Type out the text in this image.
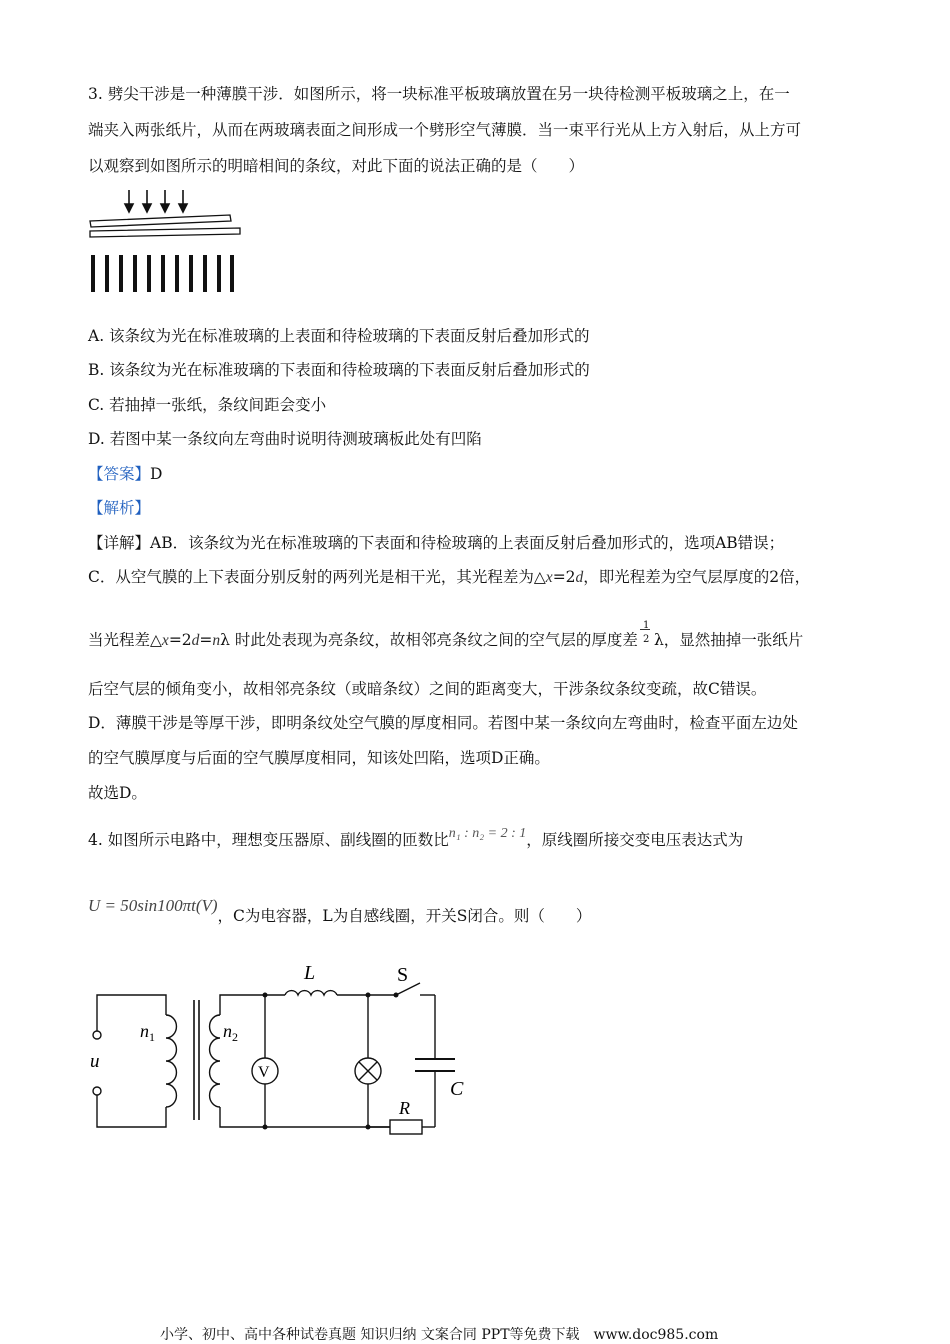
3. 劈尖干涉是一种薄膜干涉．如图所示，将一块标准平板玻璃放置在另一块待检测平板玻璃之上，在一
端夹入两张纸片，从而在两玻璃表面之间形成一个劈形空气薄膜．当一束平行光从上方入射后，从上方可
以观察到如图所示的明暗相间的条纹，对此下面的说法正确的是（　　）
A. 该条纹为光在标准玻璃的上表面和待检玻璃的下表面反射后叠加形式的
B. 该条纹为光在标准玻璃的下表面和待检玻璃的下表面反射后叠加形式的
C. 若抽掉一张纸，条纹间距会变小
D. 若图中某一条纹向左弯曲时说明待测玻璃板此处有凹陷
【答案】D
【解析】
【详解】AB．该条纹为光在标准玻璃的下表面和待检玻璃的上表面反射后叠加形式的，选项AB错误；
C．从空气膜的上下表面分别反射的两列光是相干光，其光程差为△x=2d，即光程差为空气层厚度的2倍，
当光程差△x=2d=nλ 时此处表现为亮条纹，故相邻亮条纹之间的空气层的厚度差
1
2 λ，显然抽掉一张纸片
后空气层的倾角变小，故相邻亮条纹（或暗条纹）之间的距离变大，干涉条纹条纹变疏，故C错误。
D．薄膜干涉是等厚干涉，即明条纹处空气膜的厚度相同。若图中某一条纹向左弯曲时，检查平面左边处
的空气膜厚度与后面的空气膜厚度相同，知该处凹陷，选项D正确。
故选D。
4. 如图所示电路中，理想变压器原、副线圈的匝数比n₁ : n₂ = 2 : 1，原线圈所接交变电压表达式为
U = 50sin100πt(V)，C为电容器，L为自感线圈，开关S闭合。则（　　）
L	S
$n_1$	$n_2$
u
V
C
R
小学、初中、高中各种试卷真题 知识归纳 文案合同 PPT等免费下载　www.doc985.com
